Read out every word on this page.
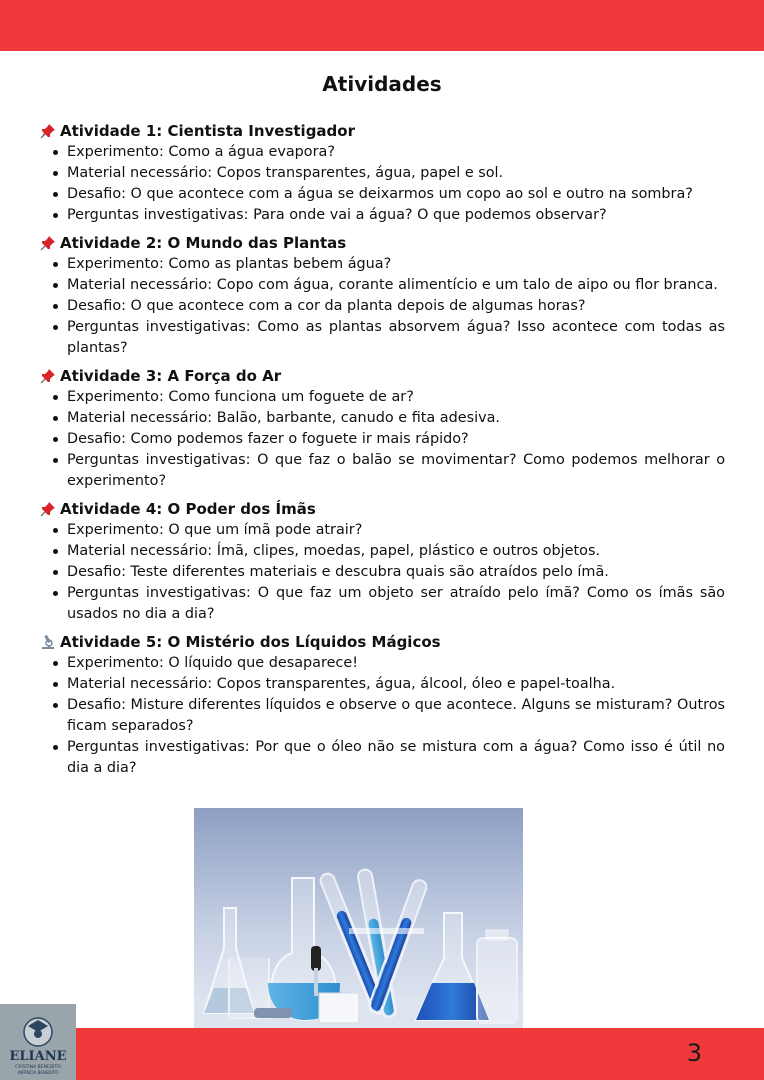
Atividades
Atividade 1: Cientista Investigador
Experimento: Como a água evapora?
Material necessário: Copos transparentes, água, papel e sol.
Desafio: O que acontece com a água se deixarmos um copo ao sol e outro na sombra?
Perguntas investigativas: Para onde vai a água? O que podemos observar?
Atividade 2: O Mundo das Plantas
Experimento: Como as plantas bebem água?
Material necessário: Copo com água, corante alimentício e um talo de aipo ou flor branca.
Desafio: O que acontece com a cor da planta depois de algumas horas?
Perguntas investigativas: Como as plantas absorvem água? Isso acontece com todas as plantas?
Atividade 3: A Força do Ar
Experimento: Como funciona um foguete de ar?
Material necessário: Balão, barbante, canudo e fita adesiva.
Desafio: Como podemos fazer o foguete ir mais rápido?
Perguntas investigativas: O que faz o balão se movimentar? Como podemos melhorar o experimento?
Atividade 4: O Poder dos Ímãs
Experimento: O que um ímã pode atrair?
Material necessário: Ímã, clipes, moedas, papel, plástico e outros objetos.
Desafio: Teste diferentes materiais e descubra quais são atraídos pelo ímã.
Perguntas investigativas: O que faz um objeto ser atraído pelo ímã? Como os ímãs são usados no dia a dia?
Atividade 5: O Mistério dos Líquidos Mágicos
Experimento: O líquido que desaparece!
Material necessário: Copos transparentes, água, álcool, óleo e papel-toalha.
Desafio: Misture diferentes líquidos e observe o que acontece. Alguns se misturam? Outros ficam separados?
Perguntas investigativas: Por que o óleo não se mistura com a água? Como isso é útil no dia a dia?
3
ELIANE
CRISTINA BENEDITO
· INFÂNCIA BENEDITO ·
